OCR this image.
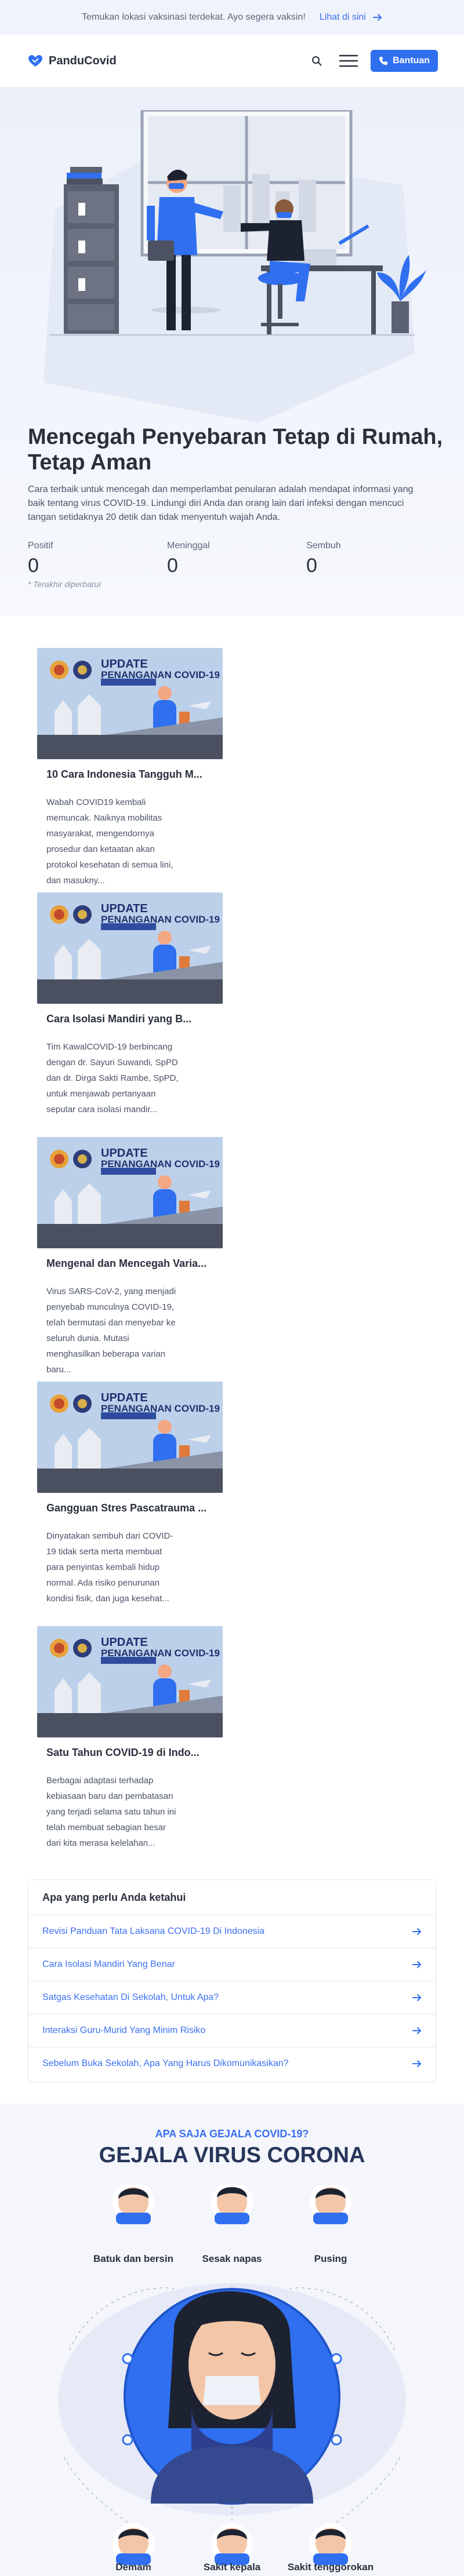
Temukan lokasi vaksinasi terdekat. Ayo segera vaksin! Lihat di sini
PanduCovid	Bantuan
Mencegah Penyebaran Tetap di Rumah, Tetap Aman

Cara terbaik untuk mencegah dan memperlambat penularan adalah mendapat informasi yang baik tentang virus COVID-19. Lindungi diri Anda dan orang lain dari infeksi dengan mencuci tangan setidaknya 20 detik dan tidak menyentuh wajah Anda.

Positif
0
Meninggal
0
Sembuh
0
* Terakhir diperbarui
UPDATE
PENANGANAN COVID-19
10 Cara Indonesia Tangguh M...
Wabah COVID19 kembali memuncak. Naiknya mobilitas masyarakat, mengendornya prosedur dan ketaatan akan protokol kesehatan di semua lini, dan masukny...
UPDATE
PENANGANAN COVID-19
Cara Isolasi Mandiri yang B...
Tim KawalCOVID-19 berbincang dengan dr. Sayuri Suwandi, SpPD dan dr. Dirga Sakti Rambe, SpPD, untuk menjawab pertanyaan seputar cara isolasi mandir...
UPDATE
PENANGANAN COVID-19
Mengenal dan Mencegah Varia...
Virus SARS-CoV-2, yang menjadi penyebab munculnya COVID-19, telah bermutasi dan menyebar ke seluruh dunia. Mutasi menghasilkan beberapa varian baru...
UPDATE
PENANGANAN COVID-19
Gangguan Stres Pascatrauma ...
Dinyatakan sembuh dari COVID-19 tidak serta merta membuat para penyintas kembali hidup normal. Ada risiko penurunan kondisi fisik, dan juga kesehat...
UPDATE
PENANGANAN COVID-19
Satu Tahun COVID-19 di Indo...
Berbagai adaptasi terhadap kebiasaan baru dan pembatasan yang terjadi selama satu tahun ini telah membuat sebagian besar dari kita merasa kelelahan...
Apa yang perlu Anda ketahui
Revisi Panduan Tata Laksana COVID-19 Di Indonesia
Cara Isolasi Mandiri Yang Benar
Satgas Kesehatan Di Sekolah, Untuk Apa?
Interaksi Guru-Murid Yang Minim Risiko
Sebelum Buka Sekolah, Apa Yang Harus Dikomunikasikan?
APA SAJA GEJALA COVID-19?
GEJALA VIRUS CORONA
Batuk dan bersin	Sesak napas	Pusing
Demam	Sakit kepala	Sakit tenggorokan
